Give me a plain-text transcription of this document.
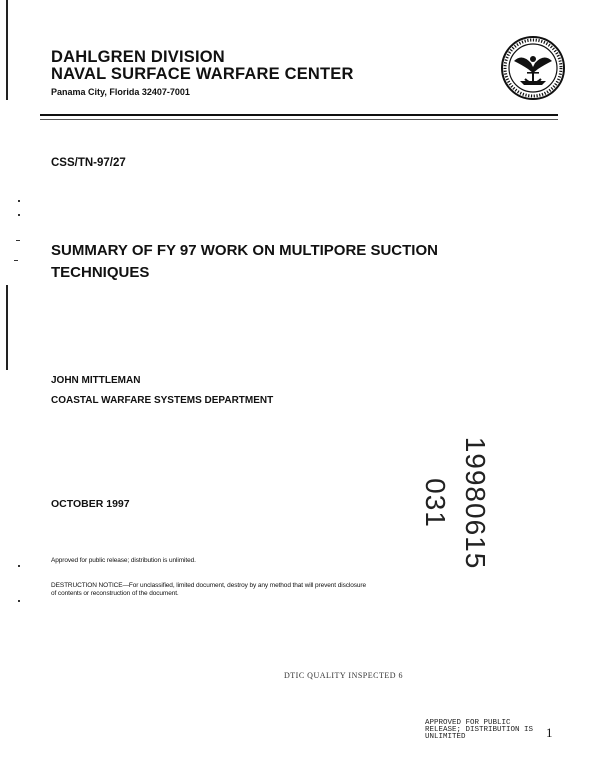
DAHLGREN DIVISION
NAVAL SURFACE WARFARE CENTER
Panama City, Florida 32407-7001
CSS/TN-97/27
SUMMARY OF FY 97 WORK ON MULTIPORE SUCTION TECHNIQUES
JOHN MITTLEMAN
COASTAL WARFARE SYSTEMS DEPARTMENT
OCTOBER 1997
Approved for public release; distribution is unlimited.
DESTRUCTION NOTICE—For unclassified, limited document, destroy by any method that will prevent disclosure of contents or reconstruction of the document.
19980615 031
DTIC QUALITY INSPECTED 6
APPROVED FOR PUBLIC RELEASE; DISTRIBUTION IS UNLIMITED	1
